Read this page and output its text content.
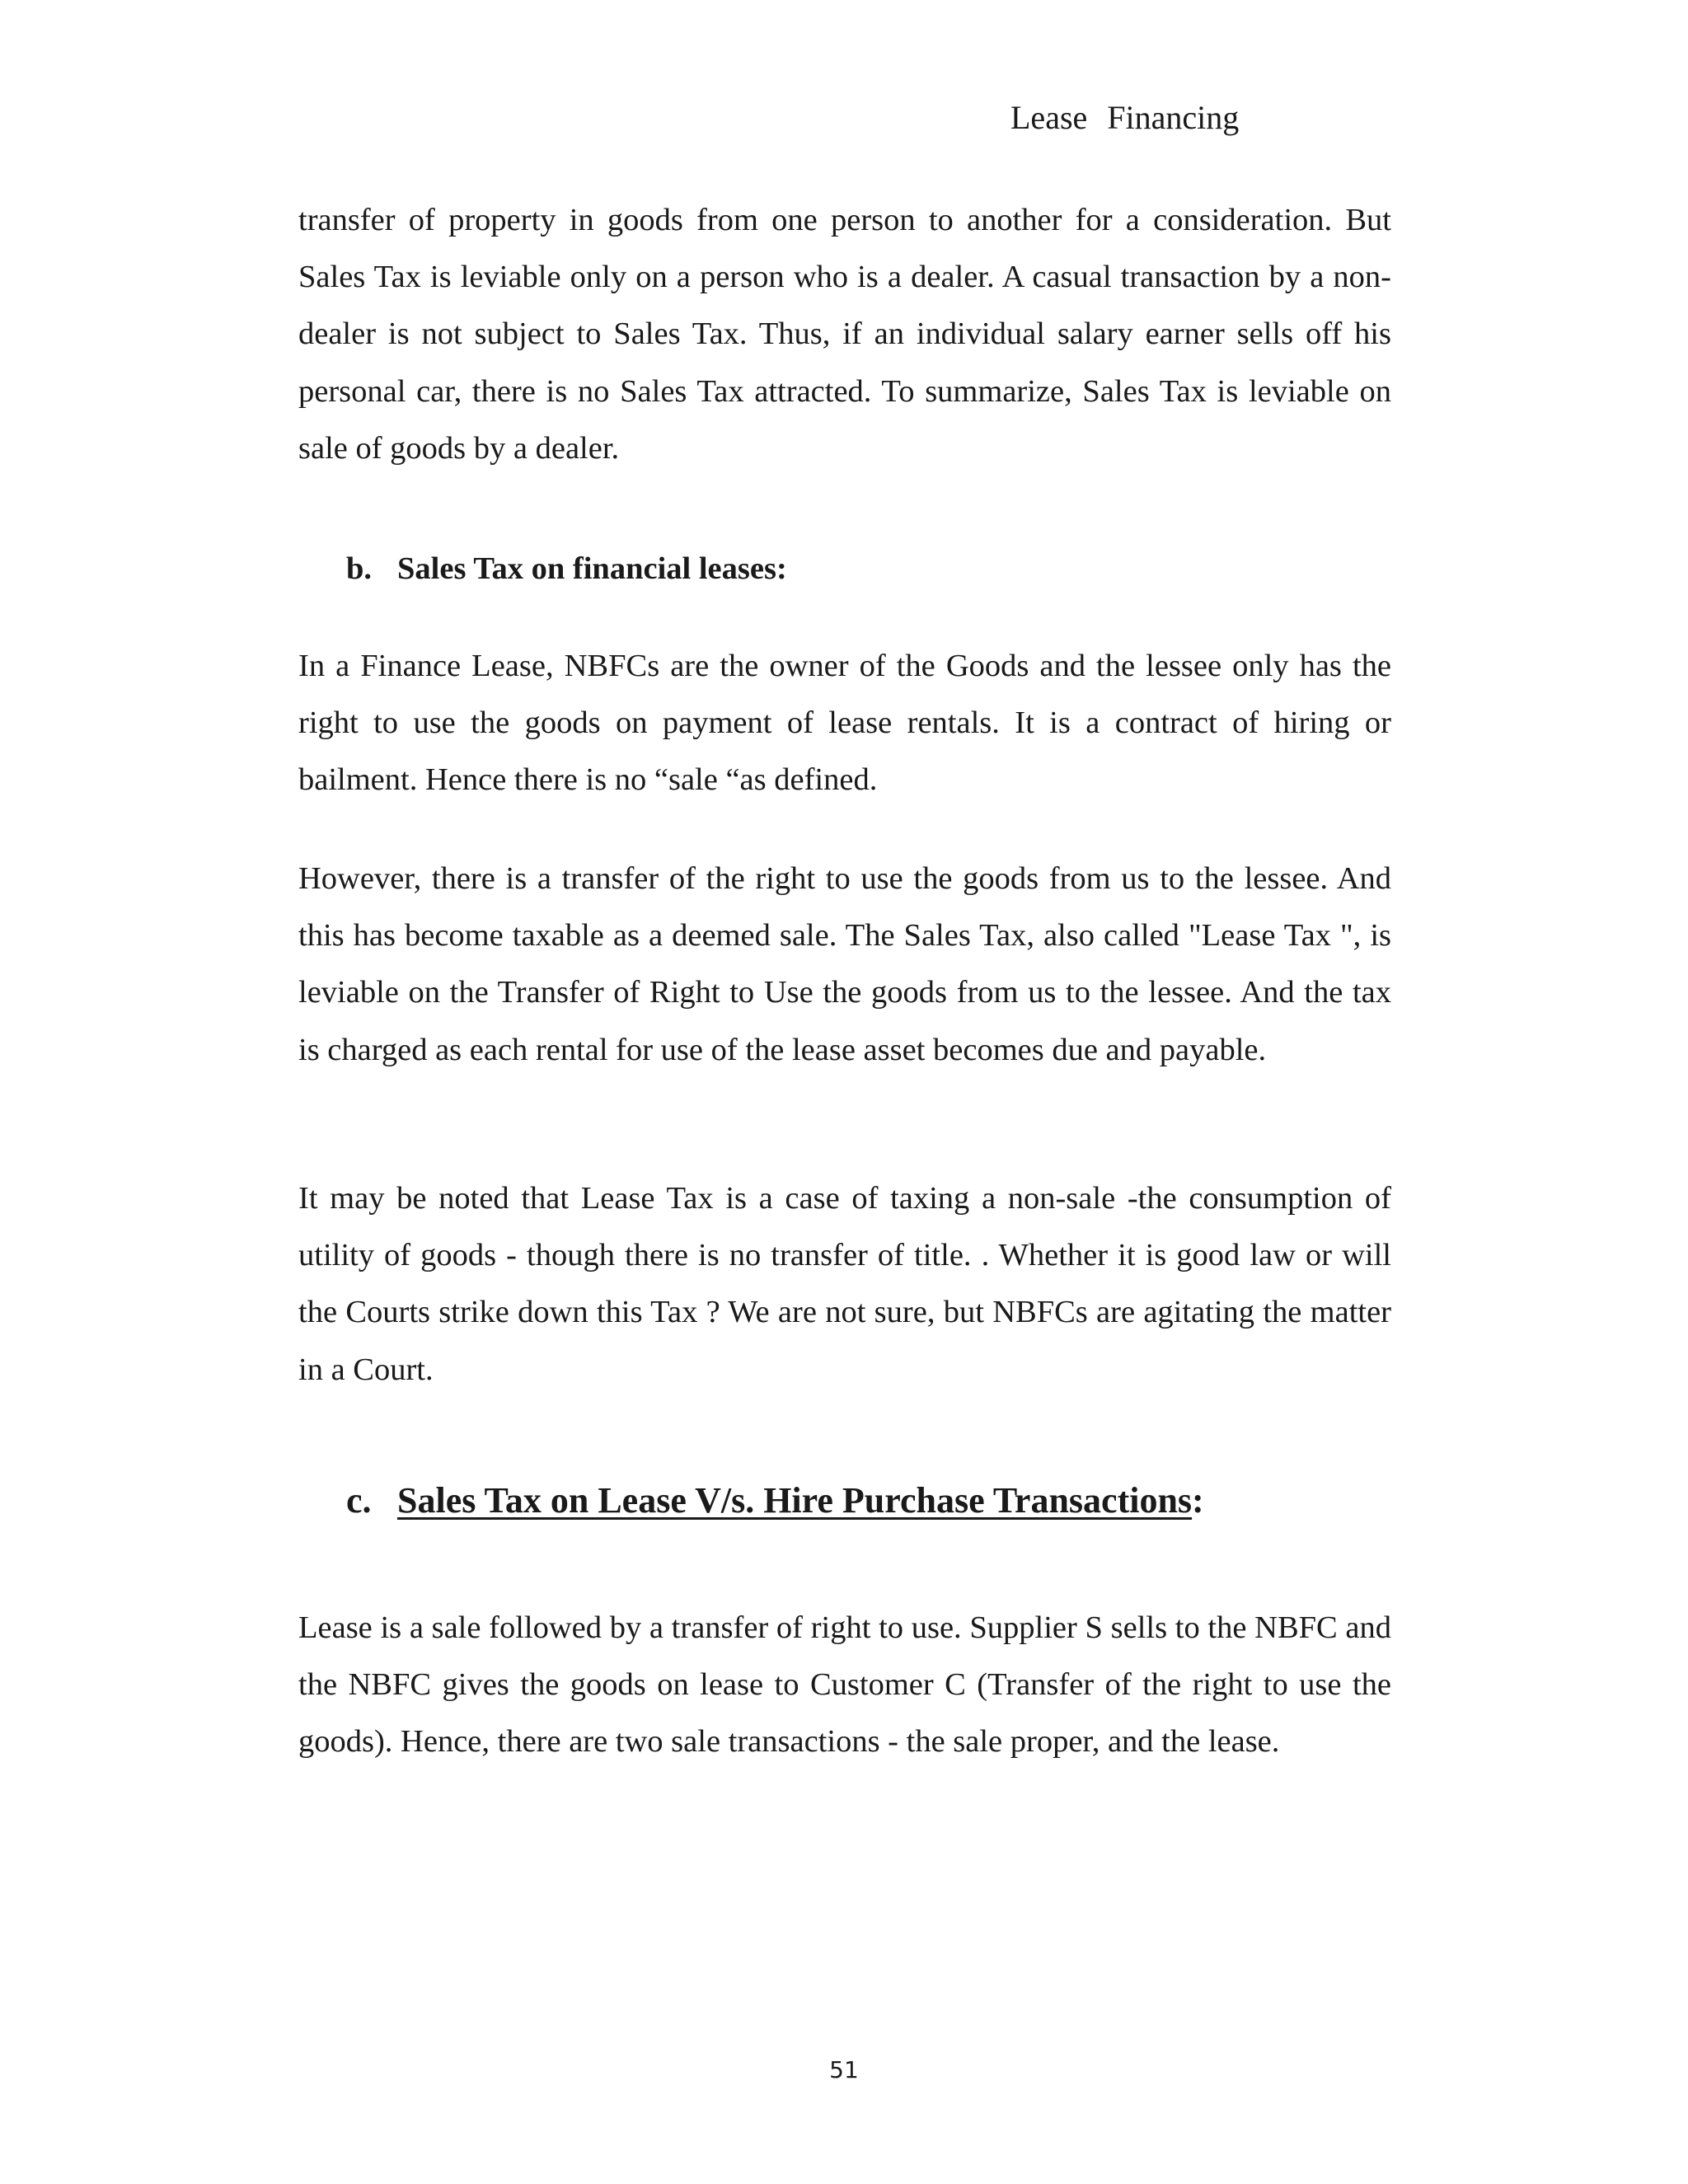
Lease Financing

transfer of property in goods from one person to another for a consideration. But Sales Tax is leviable only on a person who is a dealer. A casual transaction by a non-dealer is not subject to Sales Tax. Thus, if an individual salary earner sells off his personal car, there is no Sales Tax attracted. To summarize, Sales Tax is leviable on sale of goods by a dealer.

b. Sales Tax on financial leases:

In a Finance Lease, NBFCs are the owner of the Goods and the lessee only has the right to use the goods on payment of lease rentals. It is a contract of hiring or bailment. Hence there is no “sale “as defined.

However, there is a transfer of the right to use the goods from us to the lessee. And this has become taxable as a deemed sale. The Sales Tax, also called "Lease Tax ", is leviable on the Transfer of Right to Use the goods from us to the lessee. And the tax is charged as each rental for use of the lease asset becomes due and payable.

It may be noted that Lease Tax is a case of taxing a non-sale -the consumption of utility of goods - though there is no transfer of title. . Whether it is good law or will the Courts strike down this Tax ? We are not sure, but NBFCs are agitating the matter in a Court.

c. Sales Tax on Lease V/s. Hire Purchase Transactions:

Lease is a sale followed by a transfer of right to use. Supplier S sells to the NBFC and the NBFC gives the goods on lease to Customer C (Transfer of the right to use the goods). Hence, there are two sale transactions - the sale proper, and the lease.

51
